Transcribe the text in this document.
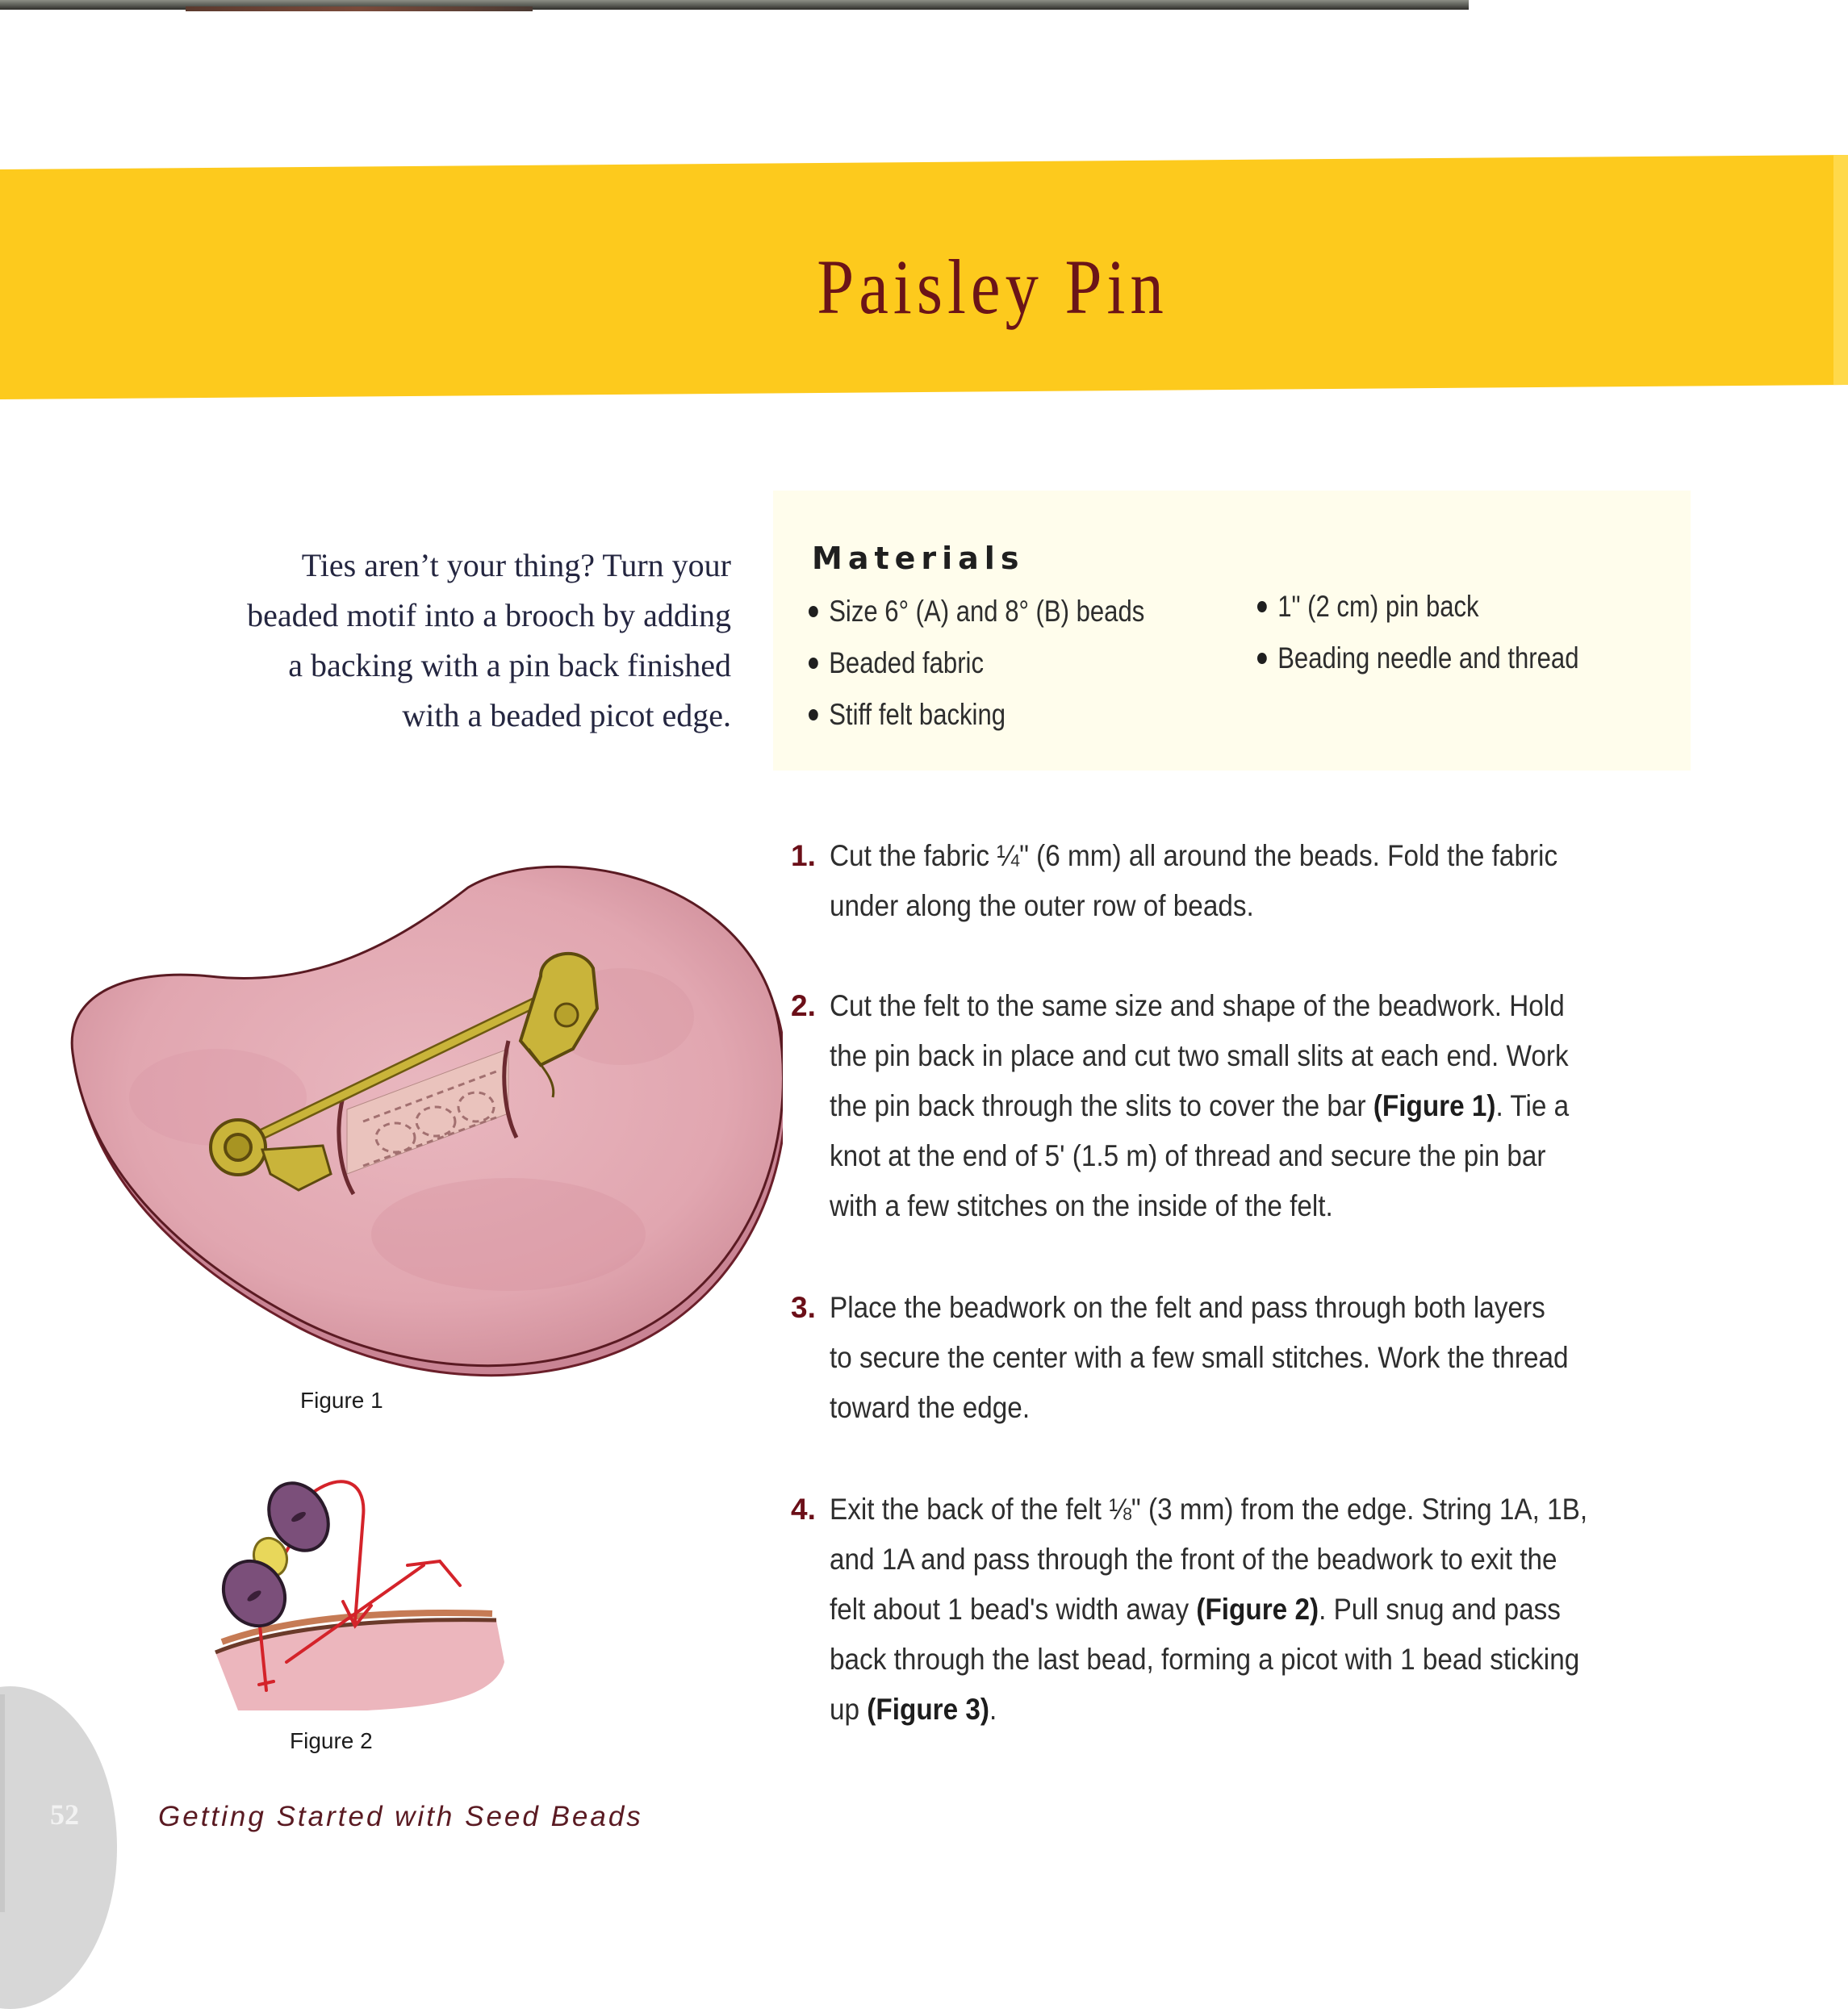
Paisley Pin
Ties aren’t your thing? Turn your
beaded motif into a brooch by adding
a backing with a pin back finished
with a beaded picot edge.
Materials
Size 6° (A) and 8° (B) beads
Beaded fabric
Stiff felt backing
1" (2 cm) pin back
Beading needle and thread
1. Cut the fabric ¼" (6 mm) all around the beads. Fold the fabric
under along the outer row of beads.
2. Cut the felt to the same size and shape of the beadwork. Hold
the pin back in place and cut two small slits at each end. Work
the pin back through the slits to cover the bar (Figure 1). Tie a
knot at the end of 5' (1.5 m) of thread and secure the pin bar
with a few stitches on the inside of the felt.
3. Place the beadwork on the felt and pass through both layers
to secure the center with a few small stitches. Work the thread
toward the edge.
4. Exit the back of the felt ⅛" (3 mm) from the edge. String 1A, 1B,
and 1A and pass through the front of the beadwork to exit the
felt about 1 bead's width away (Figure 2). Pull snug and pass
back through the last bead, forming a picot with 1 bead sticking
up (Figure 3).
Figure 1
Figure 2
52	Getting Started with Seed Beads
